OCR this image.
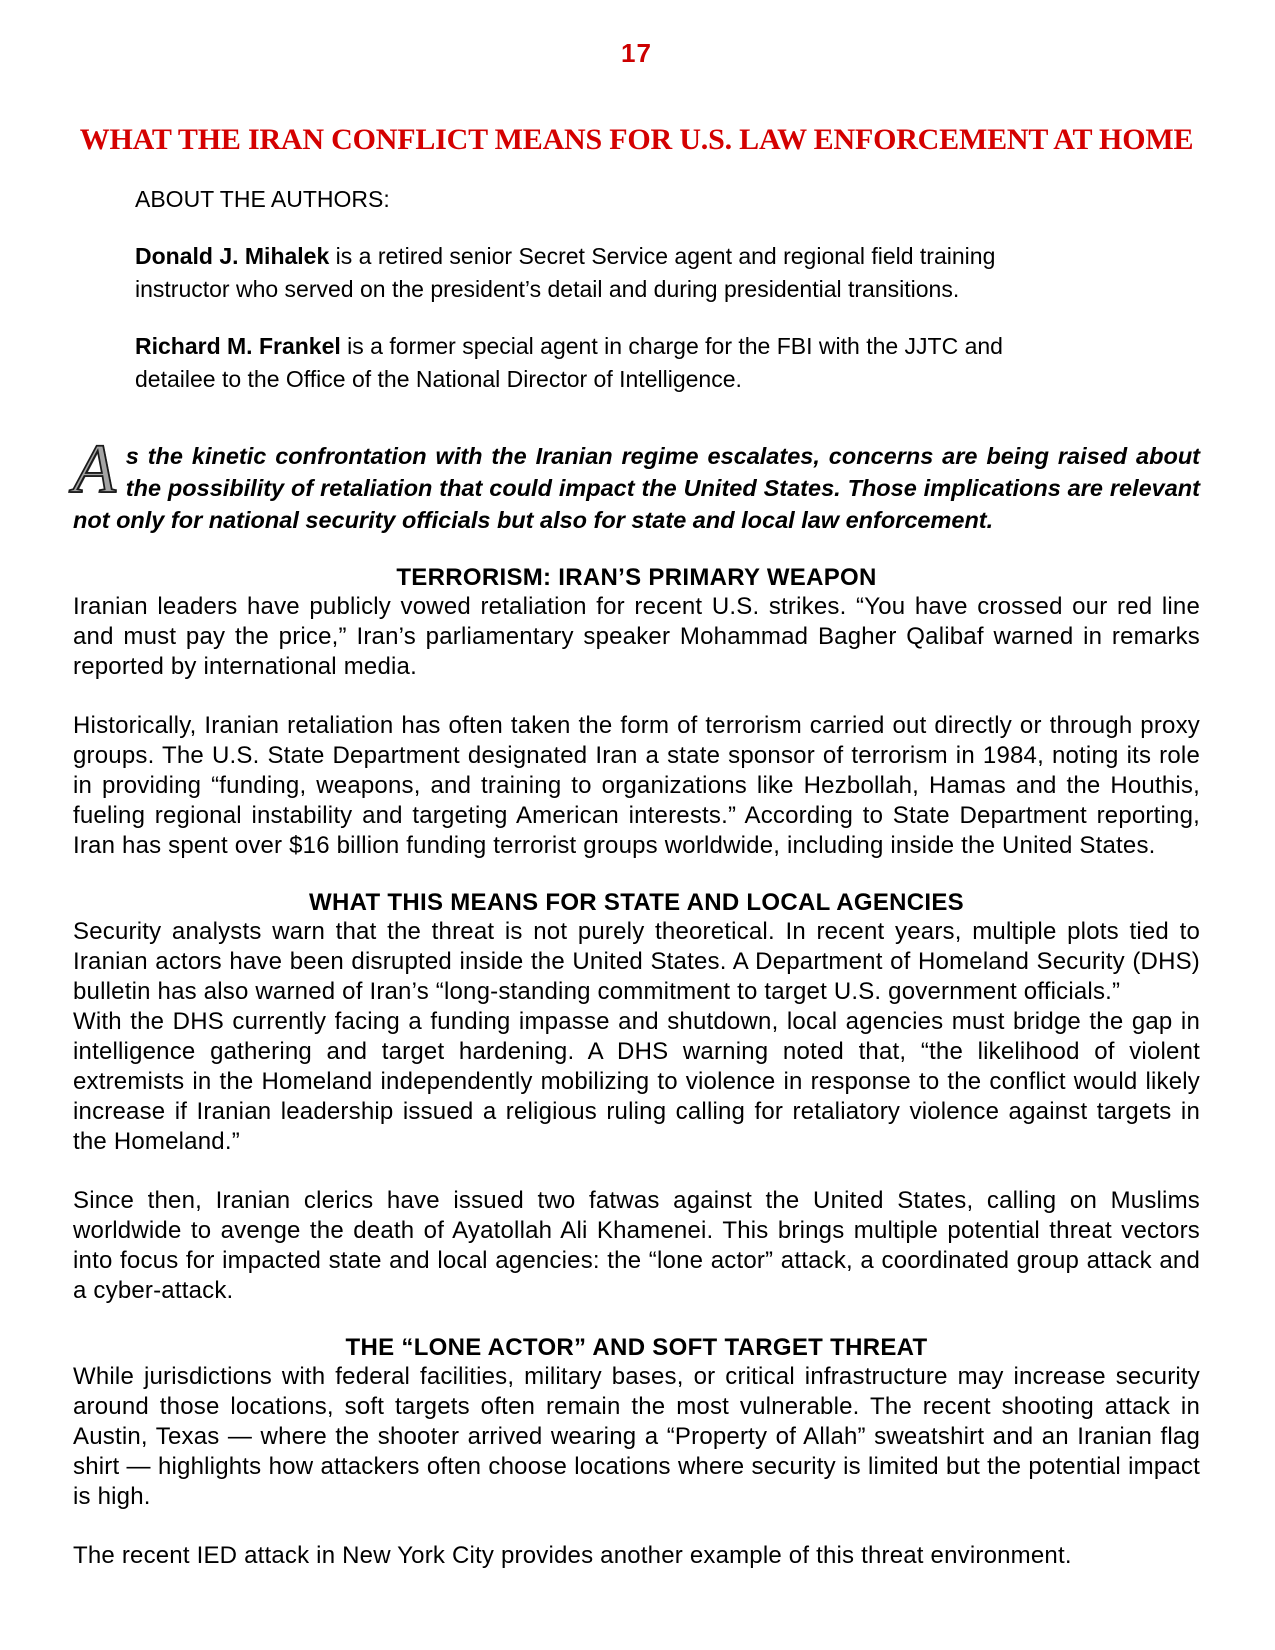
17
WHAT THE IRAN CONFLICT MEANS FOR U.S. LAW ENFORCEMENT AT HOME

ABOUT THE AUTHORS:

Donald J. Mihalek is a retired senior Secret Service agent and regional field training instructor who served on the president’s detail and during presidential transitions.

Richard M. Frankel is a former special agent in charge for the FBI with the JJTC and detailee to the Office of the National Director of Intelligence.

As the kinetic confrontation with the Iranian regime escalates, concerns are being raised about the possibility of retaliation that could impact the United States. Those implications are relevant not only for national security officials but also for state and local law enforcement.

TERRORISM: IRAN’S PRIMARY WEAPON

Iranian leaders have publicly vowed retaliation for recent U.S. strikes. “You have crossed our red line and must pay the price,” Iran’s parliamentary speaker Mohammad Bagher Qalibaf warned in remarks reported by international media.

Historically, Iranian retaliation has often taken the form of terrorism carried out directly or through proxy groups. The U.S. State Department designated Iran a state sponsor of terrorism in 1984, noting its role in providing “funding, weapons, and training to organizations like Hezbollah, Hamas and the Houthis, fueling regional instability and targeting American interests.” According to State Department reporting, Iran has spent over $16 billion funding terrorist groups worldwide, including inside the United States.

WHAT THIS MEANS FOR STATE AND LOCAL AGENCIES

Security analysts warn that the threat is not purely theoretical. In recent years, multiple plots tied to Iranian actors have been disrupted inside the United States. A Department of Homeland Security (DHS) bulletin has also warned of Iran’s “long-standing commitment to target U.S. government officials.”

With the DHS currently facing a funding impasse and shutdown, local agencies must bridge the gap in intelligence gathering and target hardening. A DHS warning noted that, “the likelihood of violent extremists in the Homeland independently mobilizing to violence in response to the conflict would likely increase if Iranian leadership issued a religious ruling calling for retaliatory violence against targets in the Homeland.”

Since then, Iranian clerics have issued two fatwas against the United States, calling on Muslims worldwide to avenge the death of Ayatollah Ali Khamenei. This brings multiple potential threat vectors into focus for impacted state and local agencies: the “lone actor” attack, a coordinated group attack and a cyber-attack.

THE “LONE ACTOR” AND SOFT TARGET THREAT

While jurisdictions with federal facilities, military bases, or critical infrastructure may increase security around those locations, soft targets often remain the most vulnerable. The recent shooting attack in Austin, Texas — where the shooter arrived wearing a “Property of Allah” sweatshirt and an Iranian flag shirt — highlights how attackers often choose locations where security is limited but the potential impact is high.

The recent IED attack in New York City provides another example of this threat environment.
